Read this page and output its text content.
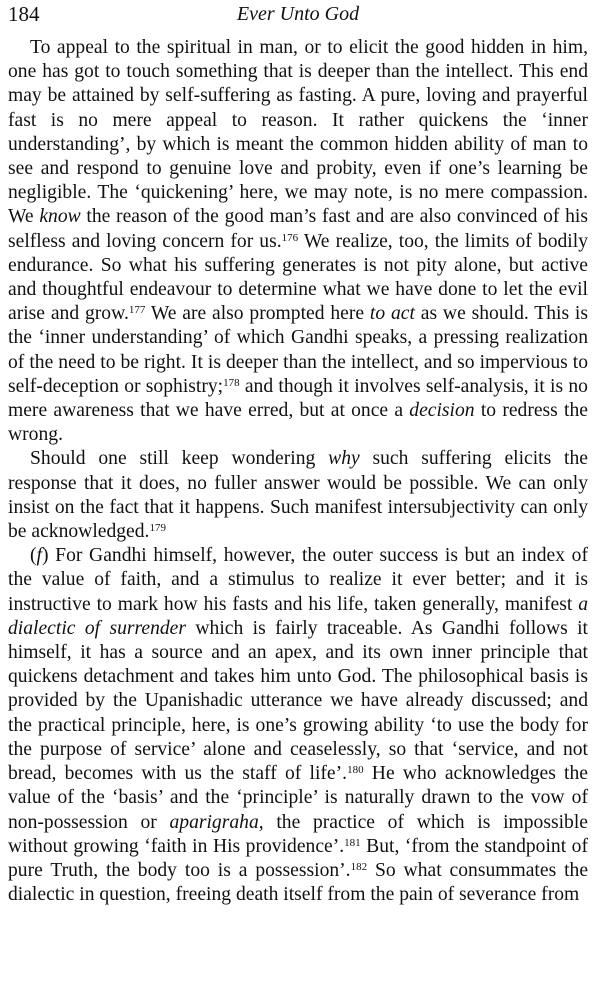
184	Ever Unto God

To appeal to the spiritual in man, or to elicit the good hidden in him, one has got to touch something that is deeper than the intellect. This end may be attained by self-suffering as fasting. A pure, loving and prayerful fast is no mere appeal to reason. It rather quickens the ‘inner understanding’, by which is meant the common hidden ability of man to see and respond to genuine love and probity, even if one’s learning be negligible. The ‘quickening’ here, we may note, is no mere compassion. We know the reason of the good man’s fast and are also convinced of his selfless and loving concern for us.$^{176}$ We realize, too, the limits of bodily endurance. So what his suffering generates is not pity alone, but active and thoughtful endeavour to determine what we have done to let the evil arise and grow.$^{177}$ We are also prompted here to act as we should. This is the ‘inner understanding’ of which Gandhi speaks, a pressing realization of the need to be right. It is deeper than the intellect, and so impervious to self-deception or sophistry;$^{178}$ and though it involves self-analysis, it is no mere awareness that we have erred, but at once a decision to redress the wrong.

Should one still keep wondering why such suffering elicits the response that it does, no fuller answer would be possible. We can only insist on the fact that it happens. Such manifest intersubjectivity can only be acknowledged.$^{179}$

(f) For Gandhi himself, however, the outer success is but an index of the value of faith, and a stimulus to realize it ever better; and it is instructive to mark how his fasts and his life, taken generally, manifest a dialectic of surrender which is fairly traceable. As Gandhi follows it himself, it has a source and an apex, and its own inner principle that quickens detachment and takes him unto God. The philosophical basis is provided by the Upanishadic utterance we have already discussed; and the practical principle, here, is one’s growing ability ‘to use the body for the purpose of service’ alone and ceaselessly, so that ‘service, and not bread, becomes with us the staff of life’.$^{180}$ He who acknowledges the value of the ‘basis’ and the ‘principle’ is naturally drawn to the vow of non-possession or aparigraha, the practice of which is impossible without growing ‘faith in His providence’.$^{181}$ But, ‘from the standpoint of pure Truth, the body too is a possession’.$^{182}$ So what consummates the dialectic in question, freeing death itself from the pain of severance from
